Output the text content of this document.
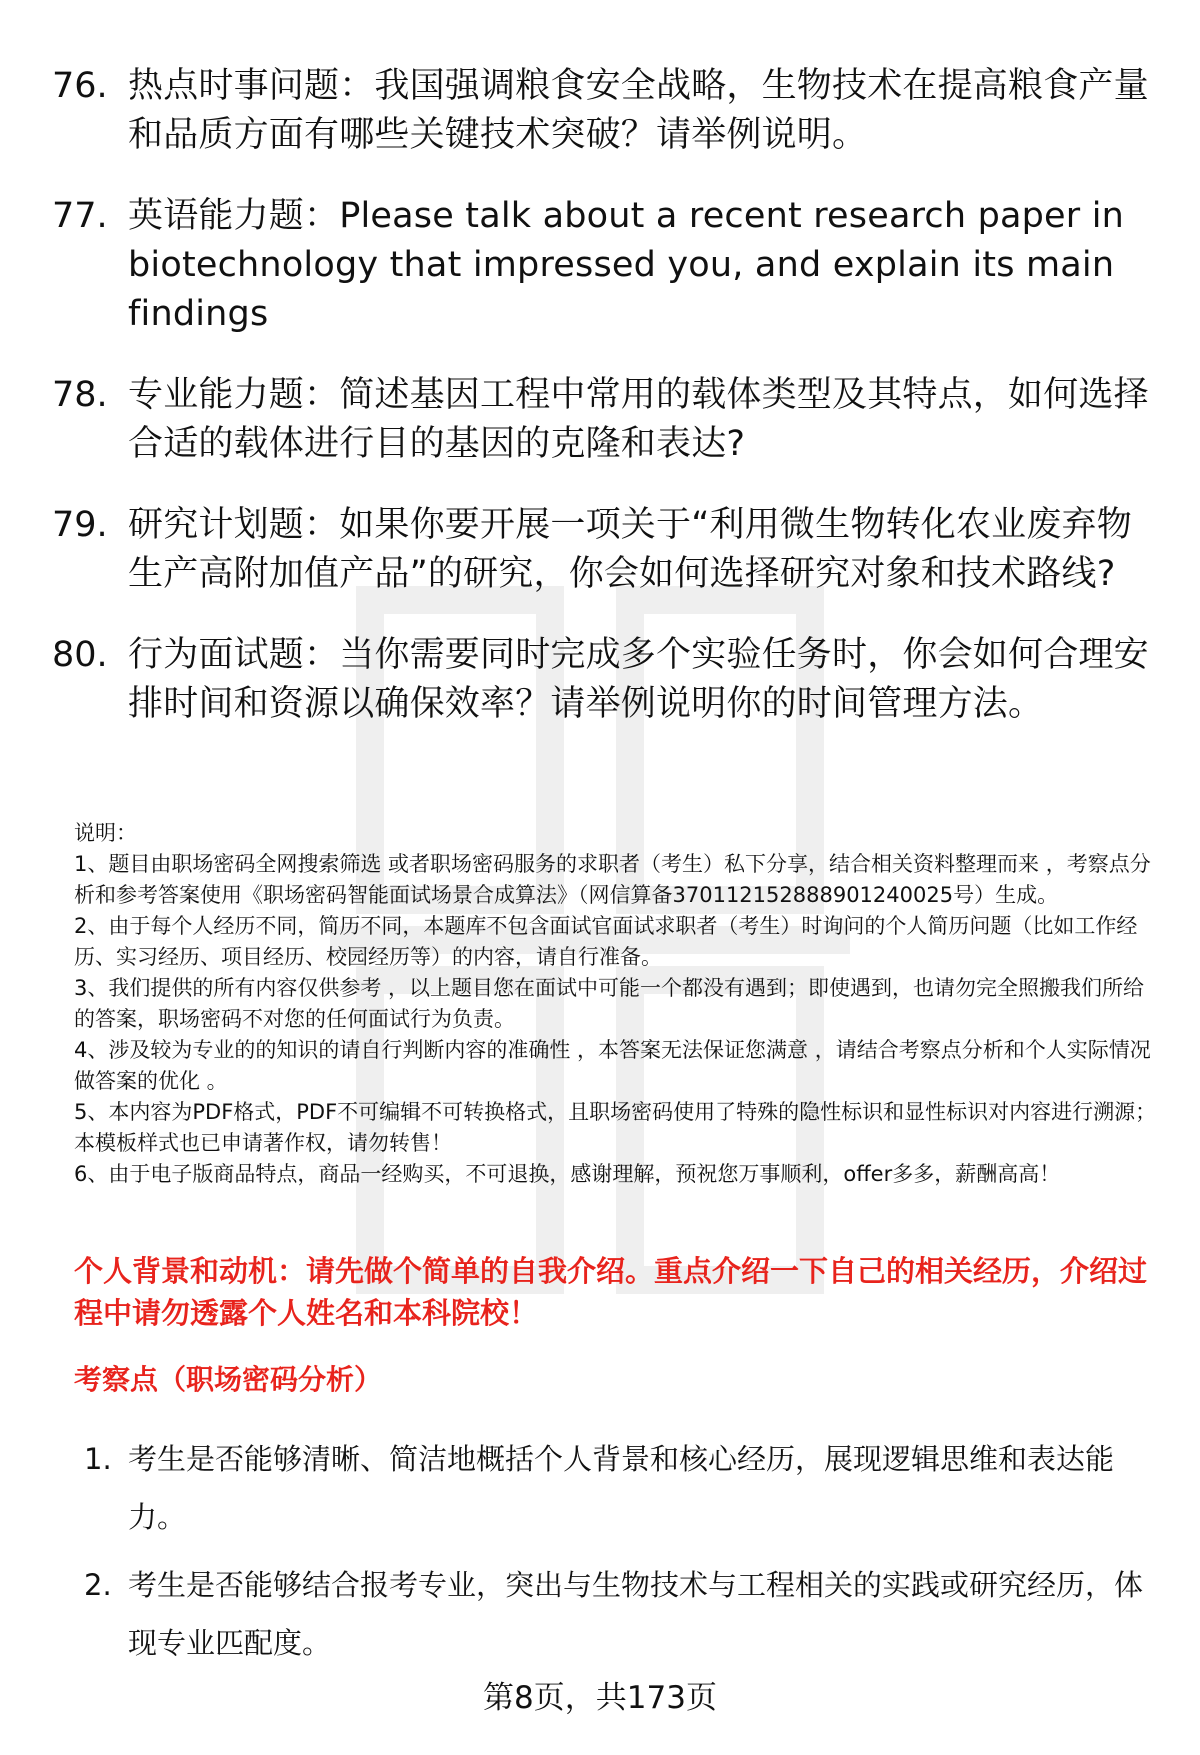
76. 热点时事问题：我国强调粮食安全战略，生物技术在提高粮食产量和品质方面有哪些关键技术突破？请举例说明。
77. 英语能力题：Please talk about a recent research paper in biotechnology that impressed you, and explain its main findings
78. 专业能力题：简述基因工程中常用的载体类型及其特点，如何选择合适的载体进行目的基因的克隆和表达?
79. 研究计划题：如果你要开展一项关于“利用微生物转化农业废弃物生产高附加值产品”的研究，你会如何选择研究对象和技术路线?
80. 行为面试题：当你需要同时完成多个实验任务时，你会如何合理安排时间和资源以确保效率？请举例说明你的时间管理方法。

说明：

1、题目由职场密码全网搜索筛选 或者职场密码服务的求职者（考生）私下分享，结合相关资料整理而来 ，考察点分析和参考答案使用《职场密码智能面试场景合成算法》（网信算备370112152888901240025号）生成。

2、由于每个人经历不同，简历不同，本题库不包含面试官面试求职者（考生）时询问的个人简历问题（比如工作经历、实习经历、项目经历、校园经历等）的内容，请自行准备。

3、我们提供的所有内容仅供参考 ，以上题目您在面试中可能一个都没有遇到；即使遇到，也请勿完全照搬我们所给的答案，职场密码不对您的任何面试行为负责。

4、涉及较为专业的的知识的请自行判断内容的准确性 ，本答案无法保证您满意 ，请结合考察点分析和个人实际情况做答案的优化 。

5、本内容为PDF格式，PDF不可编辑不可转换格式，且职场密码使用了特殊的隐性标识和显性标识对内容进行溯源；本模板样式也已申请著作权，请勿转售！

6、由于电子版商品特点，商品一经购买，不可退换，感谢理解，预祝您万事顺利，offer多多，薪酬高高！

个人背景和动机：请先做个简单的自我介绍。重点介绍一下自己的相关经历，介绍过程中请勿透露个人姓名和本科院校！
考察点（职场密码分析）
1. 考生是否能够清晰、简洁地概括个人背景和核心经历，展现逻辑思维和表达能力。
2. 考生是否能够结合报考专业，突出与生物技术与工程相关的实践或研究经历，体现专业匹配度。
第8页，共173页
